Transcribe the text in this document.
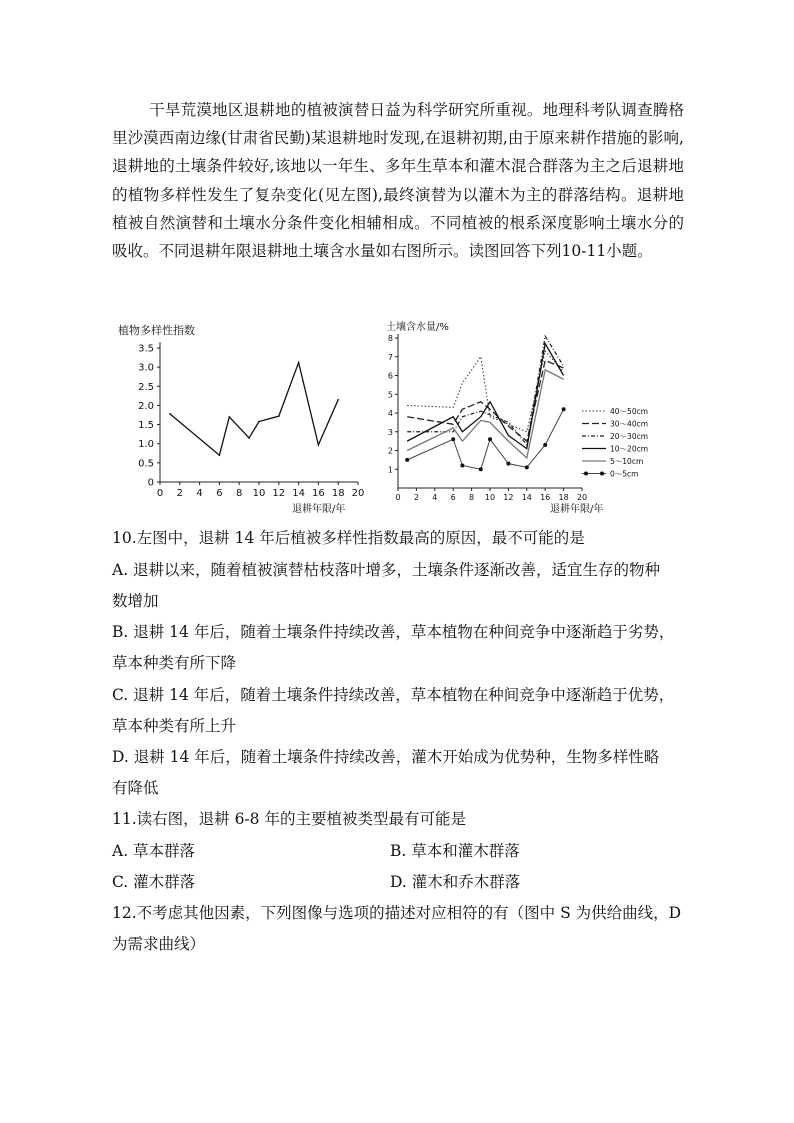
干旱荒漠地区退耕地的植被演替日益为科学研究所重视。地理科考队调查腾格里沙漠西南边缘(甘肃省民勤)某退耕地时发现,在退耕初期,由于原来耕作措施的影响,退耕地的土壤条件较好,该地以一年生、多年生草本和灌木混合群落为主之后退耕地的植物多样性发生了复杂变化(见左图),最终演替为以灌木为主的群落结构。退耕地植被自然演替和土壤水分条件变化相辅相成。不同植被的根系深度影响土壤水分的吸收。不同退耕年限退耕地土壤含水量如右图所示。读图回答下列10-11小题。
植物多样性指数
退耕年限/年
0 2 4 6 8 10 12 14 16 18 20
0
0.5
1.0
1.5
2.0
2.5
3.0
3.5
土壤含水量/%
退耕年限/年
0 2 4 6 8 10 12 14 16 18 20
1
2
3
4
5
6
7
8
40～50cm
30～40cm
20～30cm
10～20cm
5～10cm
0～5cm
10.左图中，退耕 14 年后植被多样性指数最高的原因，最不可能的是
A. 退耕以来，随着植被演替枯枝落叶增多，土壤条件逐渐改善，适宜生存的物种
数增加
B. 退耕 14 年后，随着土壤条件持续改善，草本植物在种间竞争中逐渐趋于劣势，
草本种类有所下降
C. 退耕 14 年后，随着土壤条件持续改善，草本植物在种间竞争中逐渐趋于优势，
草本种类有所上升
D. 退耕 14 年后，随着土壤条件持续改善，灌木开始成为优势种，生物多样性略
有降低
11.读右图，退耕 6-8 年的主要植被类型最有可能是
A. 草本群落	B. 草本和灌木群落
C. 灌木群落	D. 灌木和乔木群落
12.不考虑其他因素，下列图像与选项的描述对应相符的有（图中 S 为供给曲线，D
为需求曲线）
